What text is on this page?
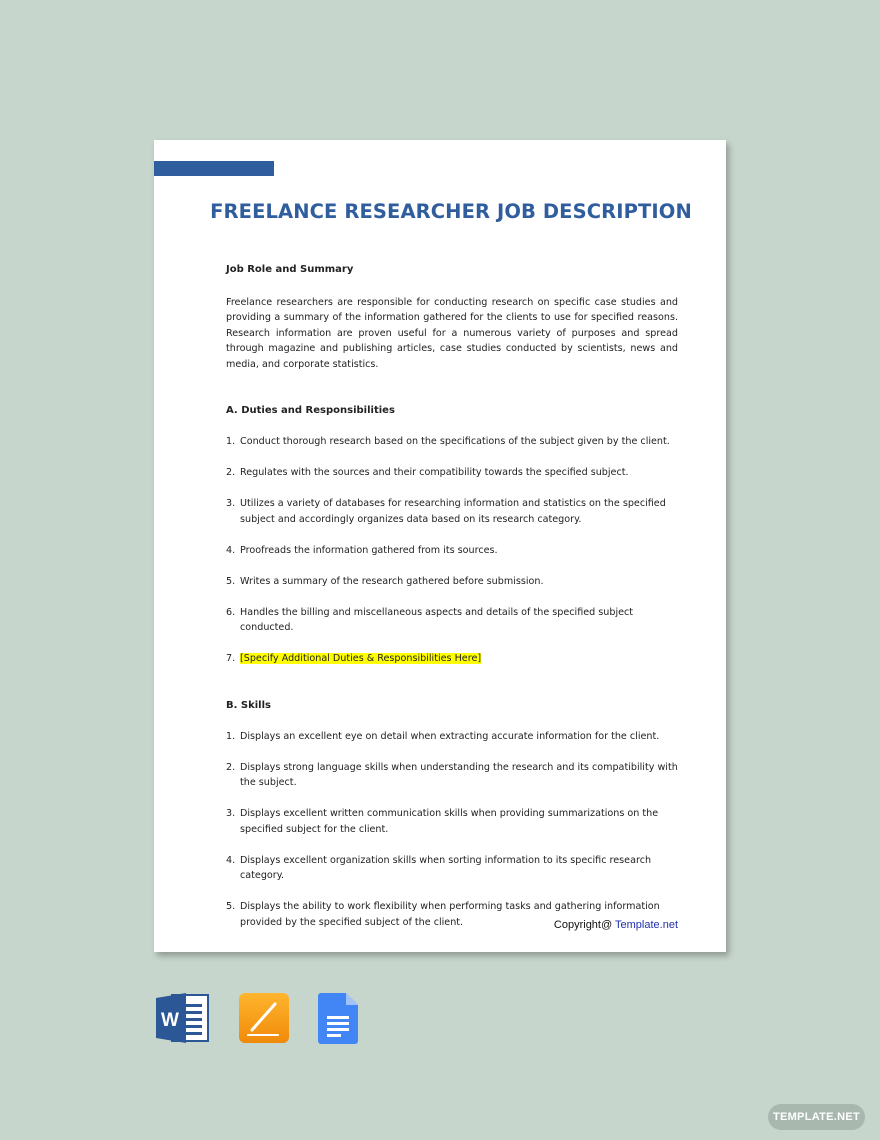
FREELANCE RESEARCHER JOB DESCRIPTION

Job Role and Summary

Freelance researchers are responsible for conducting research on specific case studies and providing a summary of the information gathered for the clients to use for specified reasons. Research information are proven useful for a numerous variety of purposes and spread through magazine and publishing articles, case studies conducted by scientists, news and media, and corporate statistics.

A. Duties and Responsibilities

1. Conduct thorough research based on the specifications of the subject given by the client.
2. Regulates with the sources and their compatibility towards the specified subject.
3. Utilizes a variety of databases for researching information and statistics on the specified subject and accordingly organizes data based on its research category.
4. Proofreads the information gathered from its sources.
5. Writes a summary of the research gathered before submission.
6. Handles the billing and miscellaneous aspects and details of the specified subject conducted.
7. [Specify Additional Duties & Responsibilities Here]

B. Skills

1. Displays an excellent eye on detail when extracting accurate information for the client.
2. Displays strong language skills when understanding the research and its compatibility with the subject.
3. Displays excellent written communication skills when providing summarizations on the specified subject for the client.
4. Displays excellent organization skills when sorting information to its specific research category.
5. Displays the ability to work flexibility when performing tasks and gathering information provided by the specified subject of the client.	Copyright@ Template.net
W
TEMPLATE.NET
